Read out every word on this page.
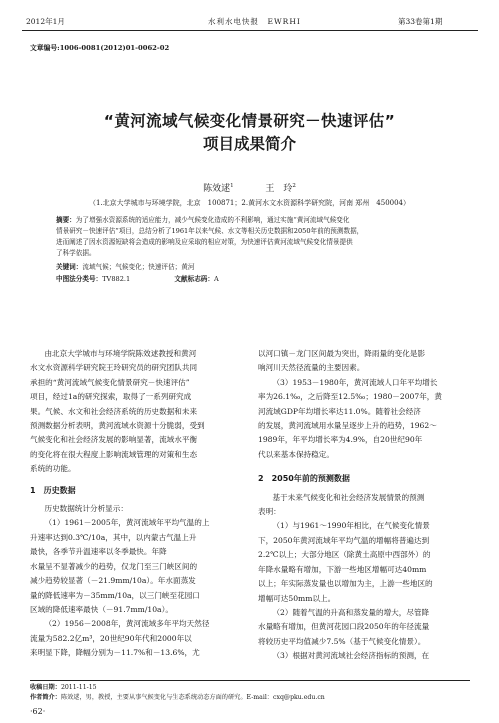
2012年1月	水利水电快报　EWRHI	第33卷第1期
文章编号:1006-0081(2012)01-0062-02
“黄河流域气候变化情景研究－快速评估”
项目成果简介
陈效逑$^1$	王　玲$^2$
（1.北京大学城市与环境学院，北京　100871；2.黄河水文水资源科学研究院，河南 郑州　450004）
摘要：为了增强水资源系统的适应能力，减少气候变化造成的不利影响，通过实施“黄河流域气候变化
情景研究－快速评估”项目，总结分析了1961年以来气候、水文等相关历史数据和2050年前的预测数据，
进而阐述了因水资源短缺将会造成的影响及应采取的相应对策，为快速评估黄河流域气候变化情景提供
了科学依据。
关键词：流域气候；气候变化；快速评估；黄河
中图法分类号：TV882.1	文献标志码：A
由北京大学城市与环境学院陈效逑教授和黄河
水文水资源科学研究院王玲研究员的研究团队共同
承担的“黄河流域气候变化情景研究－快速评估”
项目，经过1a的研究探索，取得了一系列研究成
果。气候、水文和社会经济系统的历史数据和未来
预测数据分析表明，黄河流域水资源十分脆弱，受到
气候变化和社会经济发展的影响显著，流域水平衡
的变化将在很大程度上影响流域管理的对策和生态
系统的功能。
1　历史数据
历史数据统计分析显示：
（1）1961－2005年，黄河流域年平均气温的上
升速率达到0.3℃/10a，其中，以内蒙古气温上升
最快，各季节升温速率以冬季最快。年降
水量呈不显著减少的趋势，仅龙门至三门峡区间的
减少趋势较显著（－21.9mm/10a）。年水面蒸发
量的降低速率为－35mm/10a，以三门峡至花园口
区域的降低速率最快（－91.7mm/10a）。
（2）1956－2008年，黄河流域多年平均天然径
流量为582.2亿m³，20世纪90年代和2000年以
来明显下降，降幅分别为－11.7%和－13.6%，尤
以河口镇－龙门区间最为突出，降雨量的变化是影
响河川天然径流量的主要因素。
（3）1953－1980年，黄河流域人口年平均增长
率为26.1‰，之后降至12.5‰；1980－2007年，黄
河流域GDP年均增长率达11.0%。随着社会经济
的发展，黄河流域用水量呈逐步上升的趋势，1962～
1989年，年平均增长率为4.9%，自20世纪90年
代以来基本保持稳定。
2　2050年前的预测数据
基于未来气候变化和社会经济发展情景的预测
表明：
（1）与1961～1990年相比，在气候变化情景
下，2050年黄河流域年平均气温的增幅将普遍达到
2.2℃以上；大部分地区（除黄土高原中西部外）的
年降水量略有增加，下游一些地区增幅可达40mm
以上；年实际蒸发量也以增加为主，上游一些地区的
增幅可达50mm以上。
（2）随着气温的升高和蒸发量的增大，尽管降
水量略有增加，但黄河花园口段2050年的年径流量
将较历史平均值减少7.5%（基于气候变化情景）。
（3）根据对黄河流域社会经济指标的预测，在
收稿日期：2011-11-15
作者简介：陈效逑，男，教授，主要从事气候变化与生态系统动态方面的研究。E-mail：cxq@pku.edu.cn
·62·
